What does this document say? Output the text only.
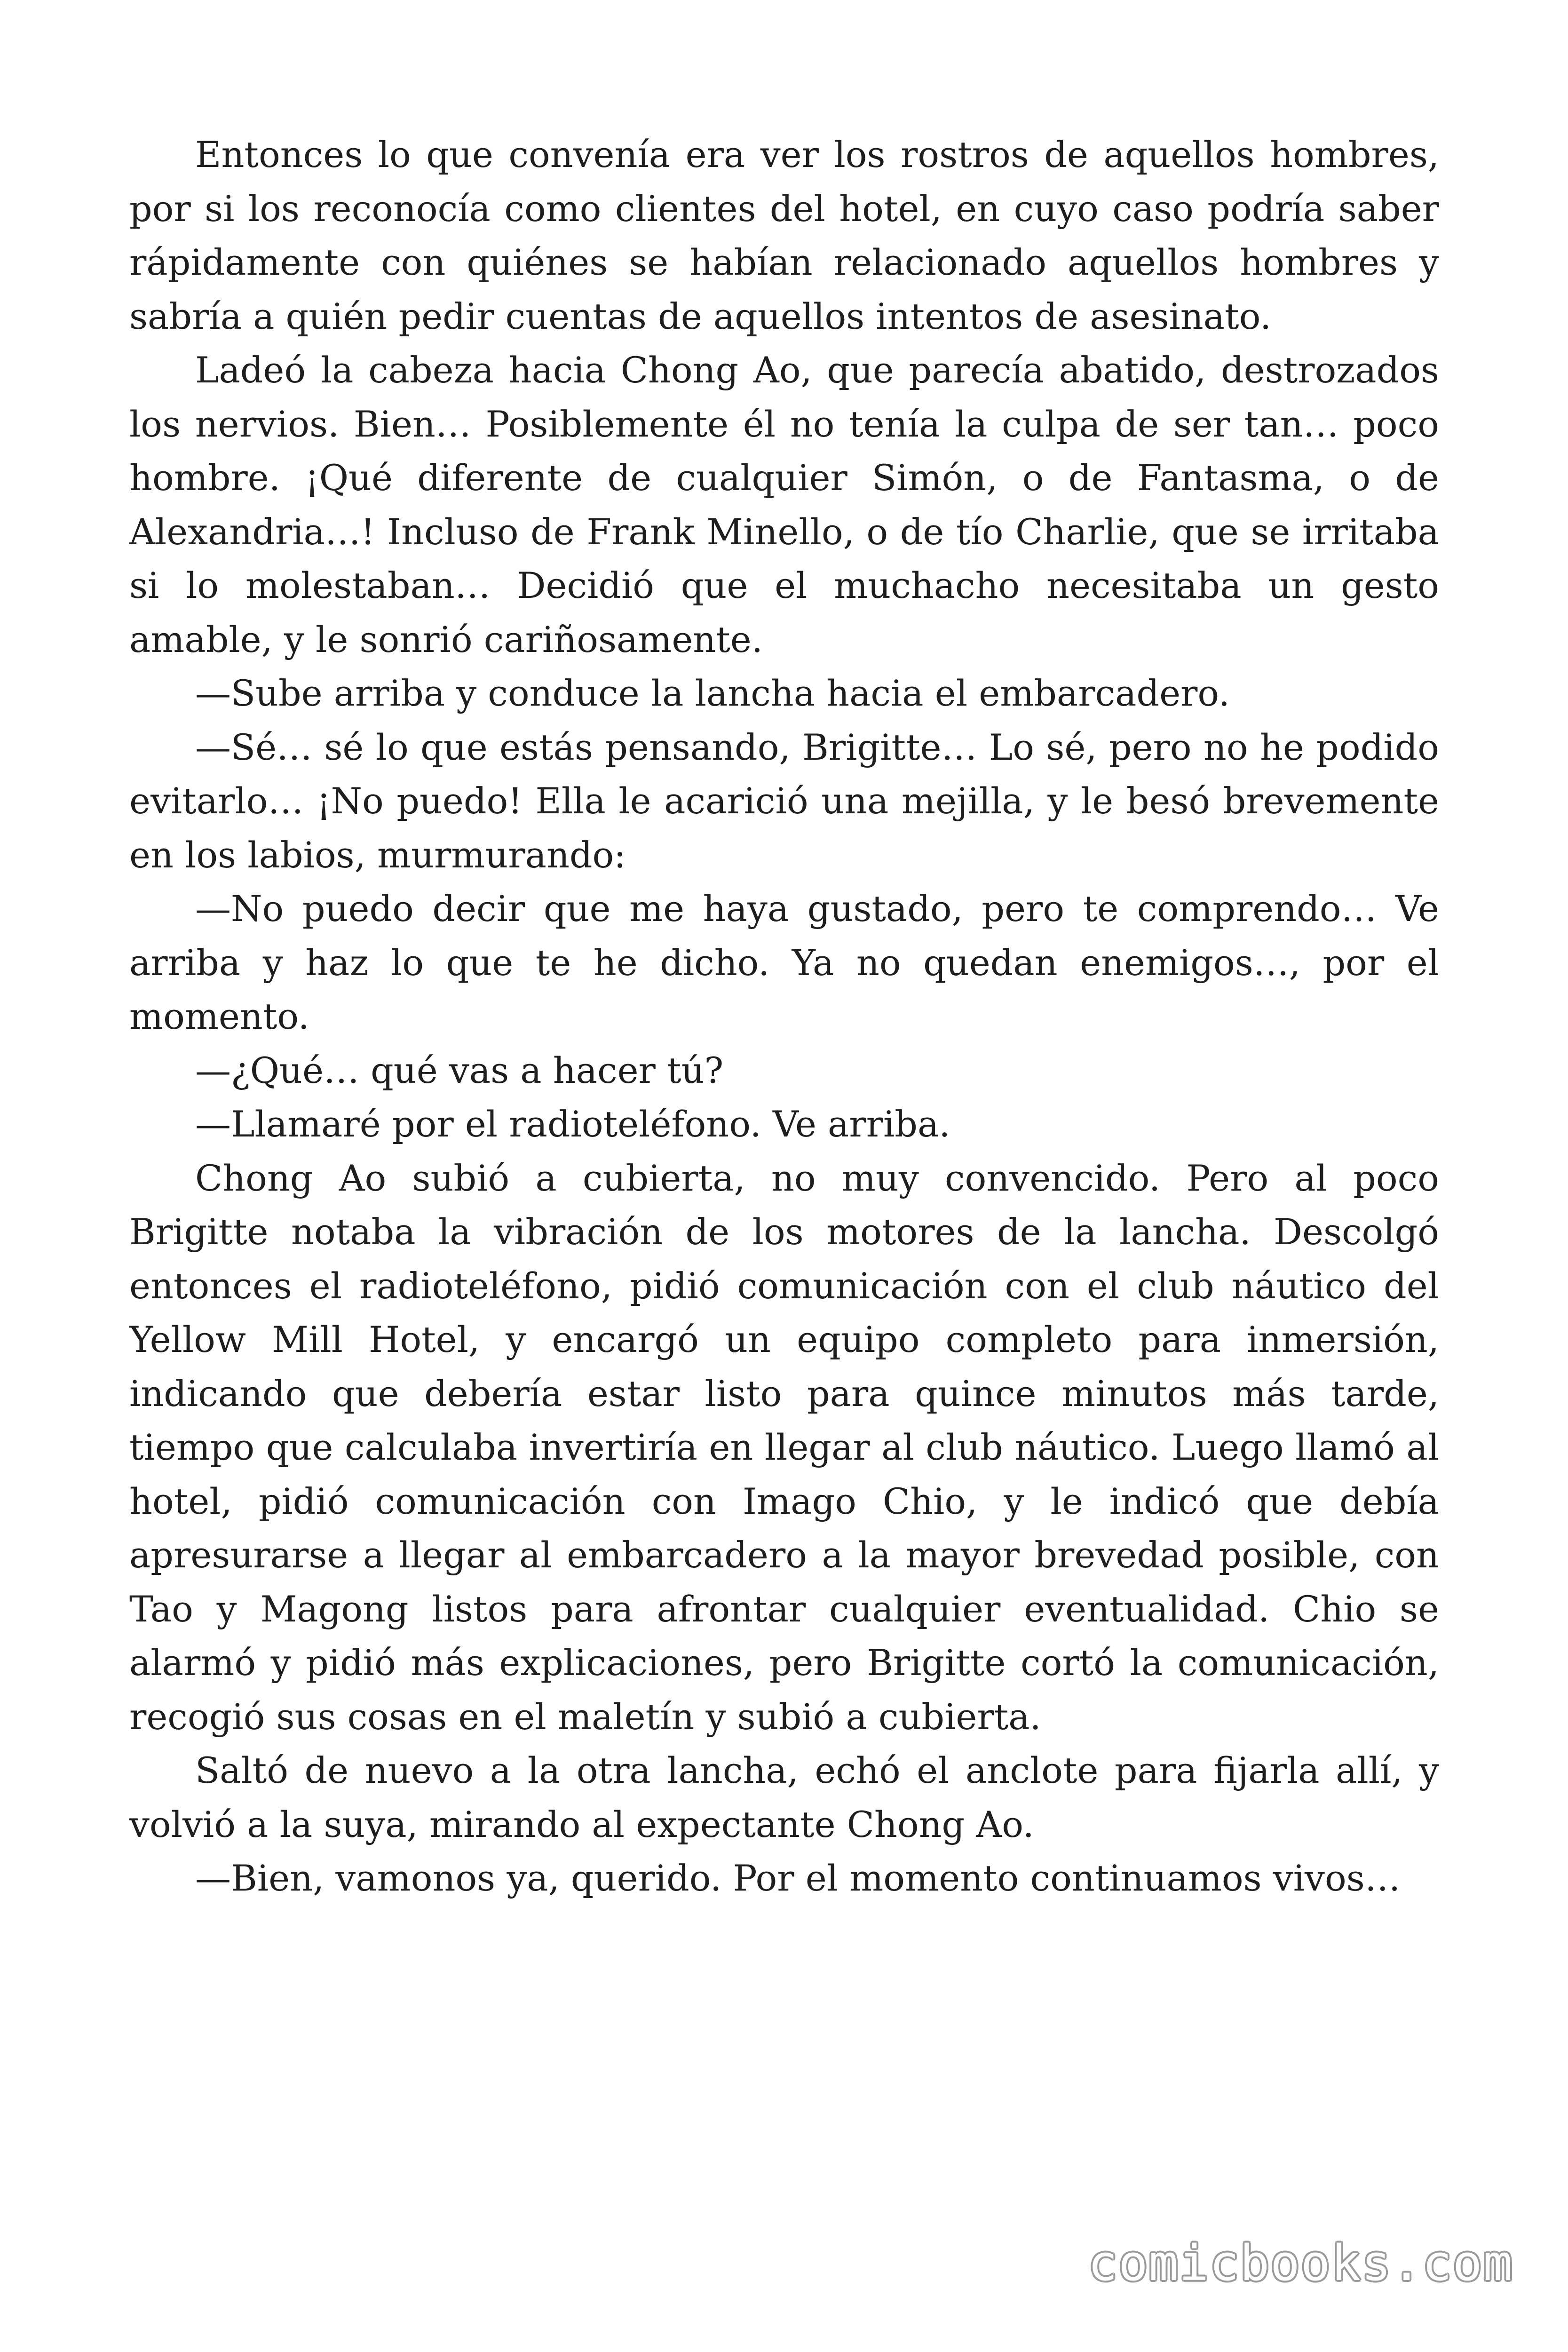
Entonces lo que convenía era ver los rostros de aquellos hombres, por si los reconocía como clientes del hotel, en cuyo caso podría saber rápidamente con quiénes se habían relacionado aquellos hombres y sabría a quién pedir cuentas de aquellos intentos de asesinato.

Ladeó la cabeza hacia Chong Ao, que parecía abatido, destrozados los nervios. Bien… Posiblemente él no tenía la culpa de ser tan… poco hombre. ¡Qué diferente de cualquier Simón, o de Fantasma, o de Alexandria…! Incluso de Frank Minello, o de tío Charlie, que se irritaba si lo molestaban… Decidió que el muchacho necesitaba un gesto amable, y le sonrió cariñosamente.

—Sube arriba y conduce la lancha hacia el embarcadero.

—Sé… sé lo que estás pensando, Brigitte… Lo sé, pero no he podido evitarlo… ¡No puedo! Ella le acarició una mejilla, y le besó brevemente en los labios, murmurando:

—No puedo decir que me haya gustado, pero te comprendo… Ve arriba y haz lo que te he dicho. Ya no quedan enemigos…, por el momento.

—¿Qué… qué vas a hacer tú?

—Llamaré por el radioteléfono. Ve arriba.

Chong Ao subió a cubierta, no muy convencido. Pero al poco Brigitte notaba la vibración de los motores de la lancha. Descolgó entonces el radioteléfono, pidió comunicación con el club náutico del Yellow Mill Hotel, y encargó un equipo completo para inmersión, indicando que debería estar listo para quince minutos más tarde, tiempo que calculaba invertiría en llegar al club náutico. Luego llamó al hotel, pidió comunicación con Imago Chio, y le indicó que debía apresurarse a llegar al embarcadero a la mayor brevedad posible, con Tao y Magong listos para afrontar cualquier eventualidad. Chio se alarmó y pidió más explicaciones, pero Brigitte cortó la comunicación, recogió sus cosas en el maletín y subió a cubierta.

Saltó de nuevo a la otra lancha, echó el anclote para fijarla allí, y volvió a la suya, mirando al expectante Chong Ao.

—Bien, vamonos ya, querido. Por el momento continuamos vivos…

comicbooks.com
